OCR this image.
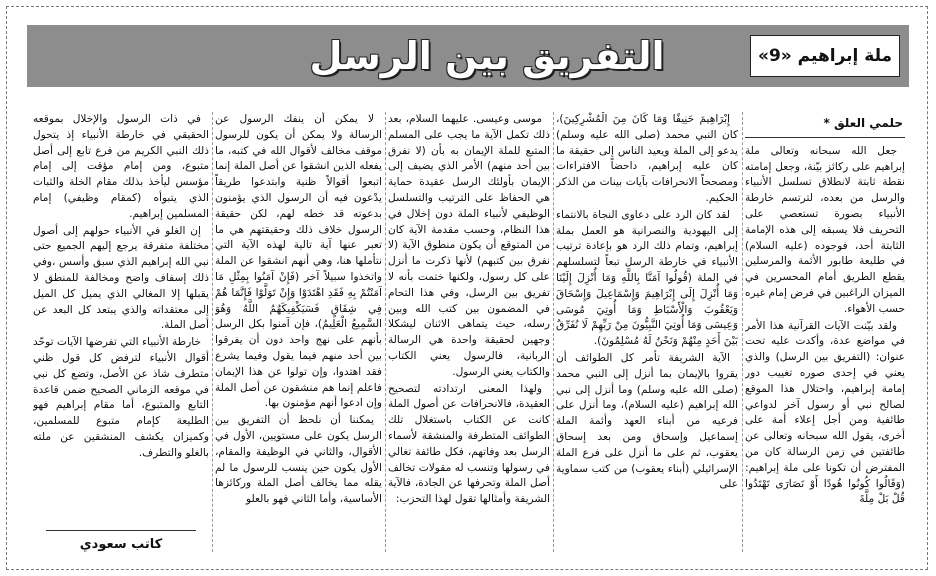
ملة إبراهيم «9»
التفريق بين الرسل
حلمي العلق *

جعل الله سبحانه وتعالى ملة إبراهيم على ركائز بيّنة، وجعل إمامته نقطة ثابتة لانطلاق تسلسل الأنبياء والرسل من بعده، لترتسم خارطة الأنبياء بصورة تستعصي على التحريف فلا يسبقه إلى هذه الإمامة الثابتة أحد، فوجوده (عليه السلام) في طليعة طابور الأئمة والمرسلين يقطع الطريق أمام المحسرين في الميزان الراغبين في فرض إمام غيره حسب الأهواء.

ولقد بيّنت الآيات القرآنية هذا الأمر في مواضع عدة، وأكدت عليه تحت عنوان: (التفريق بين الرسل) والذي يعني في إحدى صوره تغييب دور إمامة إبراهيم، واحتلال هذا الموقع لصالح نبي أو رسول آخر لدواعي طائفية ومن أجل إعلاء أمة على أخرى، يقول الله سبحانه وتعالى عن طائفتين في زمن الرسالة كان من المفترض أن تكونا على ملة إبراهيم: (وَقَالُوا كُونُوا هُودًا أَوْ نَصَارَى تَهْتَدُوا قُلْ بَلْ مِلَّةَ

إِبْرَاهِيمَ حَنِيفًا وَمَا كَانَ مِنَ الْمُشْرِكِينَ)، كان النبي محمد (صلى الله عليه وسلم) يدعو إلى الملة ويعيد الناس إلى حقيقة ما كان عليه إبراهيم، داحضاً الافتراءات ومصححاً الانحرافات بآيات بينات من الذكر الحكيم.

لقد كان الرد على دعاوى النجاة بالانتماء إلى اليهودية والنصرانية هو العمل بملة إبراهيم، وتمام ذلك الرد هو بإعادة ترتيب الأنبياء في خارطة الرسل تبعاً لتسلسلهم في الملة (قُولُوا آمَنَّا بِاللَّهِ وَمَا أُنْزِلَ إِلَيْنَا وَمَا أُنْزِلَ إِلَى إِبْرَاهِيمَ وَإِسْمَاعِيلَ وَإِسْحَاقَ وَيَعْقُوبَ وَالْأَسْبَاطِ وَمَا أُوتِيَ مُوسَى وَعِيسَى وَمَا أُوتِيَ النَّبِيُّونَ مِنْ رَبِّهِمْ لَا نُفَرِّقُ بَيْنَ أَحَدٍ مِنْهُمْ وَنَحْنُ لَهُ مُسْلِمُونَ).

الآية الشريفة تأمر كل الطوائف أن يقروا بالإيمان بما أنزل إلى النبي محمد (صلى الله عليه وسلم) وما أنزل إلى نبي الله إبراهيم (عليه السلام)، وما أنزل على فرعيه من أبناء العهد وأئمة الملة إسماعيل وإسحاق ومن بعد إسحاق يعقوب، ثم على ما أنزل على فرع الملة الإسرائيلي (أبناء يعقوب) من كتب سماوية على

موسى وعيسى. عليهما السلام، بعد ذلك تكمل الآية ما يجب على المسلم المتبع للملة الإيمان به بأن (لا نفرق بين أحد منهم) الأمر الذي يضيف إلى الإيمان بأولئك الرسل عقيدة حماية هي الحفاظ على الترتيب والتسلسل الوظيفي لأنبياء الملة دون إخلال في هذا النظام، وحسب مقدمة الآية كان من المتوقع أن يكون منطوق الآية (لا نفرق بين كتبهم) لأنها ذكرت ما أنزل على كل رسول، ولكنها ختمت بأنه لا تفريق بين الرسل، وفي هذا التحام في المضمون بين كتب الله وبين رسله، حيث يتماهى الاثنان ليشكلا وجهين لحقيقة واحدة هي الرسالة الربانية، فالرسول يعني الكتاب والكتاب يعني الرسول.

ولهذا المعنى ارتدادته لتصحيح العقيدة، فالانحرافات عن أصول الملة كانت عن الكتاب باستغلال تلك الطوائف المتطرفة والمنشقة لأسماء الرسل بعد وفاتهم، فكل طائفة تغالي في رسولها وتنسب له مقولات تخالف أصل الملة وتحرفها عن الجادة، فالآية الشريفة وأمثالها تقول لهذا التحزب:

لا يمكن أن ينفك الرسول عن الرسالة ولا يمكن أن يكون للرسول موقف مخالف لأقوال الله في كتبه، ما يفعله الذين انشقوا عن أصل الملة إنما اتبعوا أقوالاً ظنية وابتدعوا طريقاً يدْعون فيه أن الرسول الذي يؤمنون بدعوته قد خطه لهم، لكن حقيقة الرسول خلاف ذلك وحقيقتهم هي ما تعبر عنها آية تالية لهذه الآية التي نتأملها هنا، وهي أنهم انشقوا عن الملة واتخذوا سبيلاً آخر (فَإِنْ آمَنُوا بِمِثْلِ مَا آمَنْتُمْ بِهِ فَقَدِ اهْتَدَوْا وَإِنْ تَوَلَّوْا فَإِنَّمَا هُمْ فِي شِقَاقٍ فَسَيَكْفِيكَهُمُ اللَّهُ وَهُوَ السَّمِيعُ الْعَلِيمُ)، فإن آمنوا بكل الرسل بأنهم على نهج واحد دون أن يفرقوا بين أحد منهم فيما يقول وفيما يشرع فقد اهتدوا، وإن تولوا عن هذا الإيمان فاعلم إنما هم منشقون عن أصل الملة وإن ادعوا أنهم مؤمنون بها.

يمكننا أن نلحظ أن التفريق بين الرسل يكون على مستويين، الأول في الأقوال، والثاني في الوظيفة والمقام، الأول يكون حين ينسب للرسول ما لم يقله مما يخالف أصل الملة وركائزها الأساسية، وأما الثاني فهو بالعلو

في ذات الرسول والإخلال بموقعه الحقيقي في خارطة الأنبياء إذ يتحول ذلك النبي الكريم من فرع تابع إلى أصل متبوع، ومن إمام مؤقت إلى إمام مؤسس ليأخذ بذلك مقام الخلة والثبات الذي يتبوأه (كمقام وظيفي) إمام المسلمين إبراهيم.

إن الغلو في الأنبياء حولهم إلى أصول مختلفة متفرقة يرجع إليهم الجميع حتى نبي الله إبراهيم الذي سبق وأسس ،وفي ذلك إسفاف واضح ومخالفة للمنطق لا يقبلها إلا المغالي الذي يميل كل الميل إلى معتقداته والذي يبتعد كل البعد عن أصل الملة.

خارطة الأنبياء التي تفرضها الآيات توحّد أقوال الأنبياء لترفض كل قول ظني متطرف شاذ عن الأصل، وتضع كل نبي في موقعه الزماني الصحيح ضمن قاعدة التابع والمتبوع، أما مقام إبراهيم فهو الطليعة كإمام متبوع للمسلمين، وكميزان يكشف المنشقين عن ملته بالغلو والتطرف.

كاتب سعودي
